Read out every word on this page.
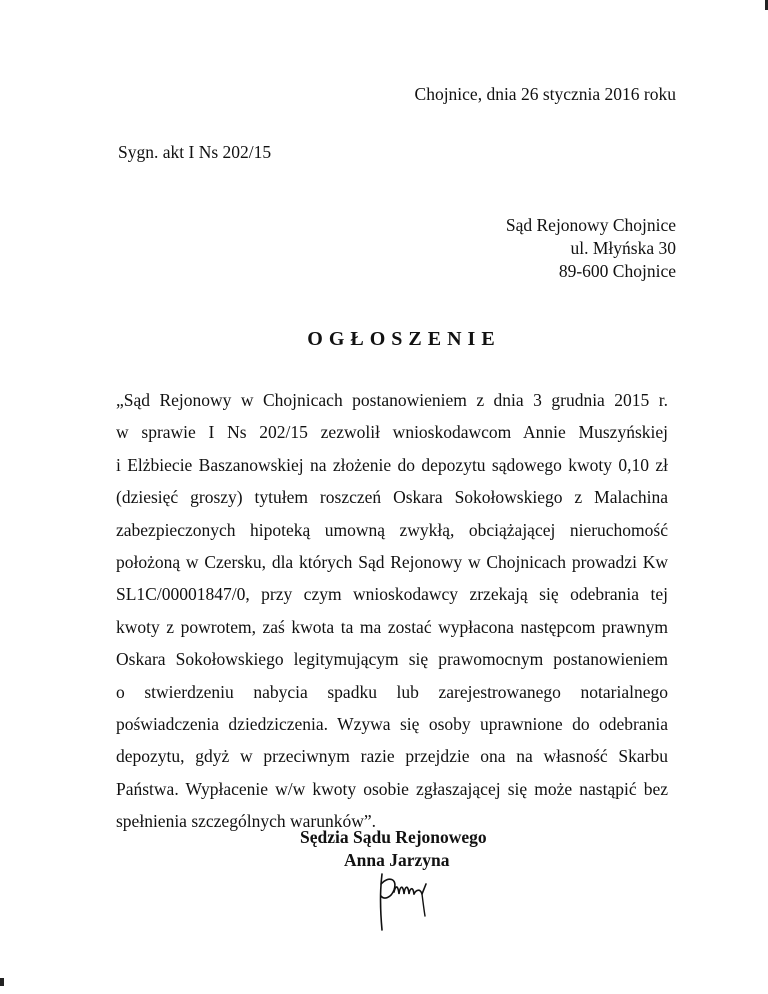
Chojnice, dnia 26 stycznia 2016 roku
Sygn. akt I Ns 202/15
Sąd Rejonowy Chojnice
ul. Młyńska 30
89-600 Chojnice
OGŁOSZENIE
„Sąd Rejonowy w Chojnicach postanowieniem z dnia 3 grudnia 2015 r.
w sprawie I Ns 202/15 zezwolił wnioskodawcom Annie Muszyńskiej
i Elżbiecie Baszanowskiej na złożenie do depozytu sądowego kwoty 0,10 zł
(dziesięć groszy) tytułem roszczeń Oskara Sokołowskiego z Malachina
zabezpieczonych hipoteką umowną zwykłą, obciążającej nieruchomość
położoną w Czersku, dla których Sąd Rejonowy w Chojnicach prowadzi Kw
SL1C/00001847/0, przy czym wnioskodawcy zrzekają się odebrania tej
kwoty z powrotem, zaś kwota ta ma zostać wypłacona następcom prawnym
Oskara Sokołowskiego legitymującym się prawomocnym postanowieniem
o stwierdzeniu nabycia spadku lub zarejestrowanego notarialnego
poświadczenia dziedziczenia. Wzywa się osoby uprawnione do odebrania
depozytu, gdyż w przeciwnym razie przejdzie ona na własność Skarbu
Państwa. Wypłacenie w/w kwoty osobie zgłaszającej się może nastąpić bez
spełnienia szczególnych warunków”.
Sędzia Sądu Rejonowego
Anna Jarzyna
